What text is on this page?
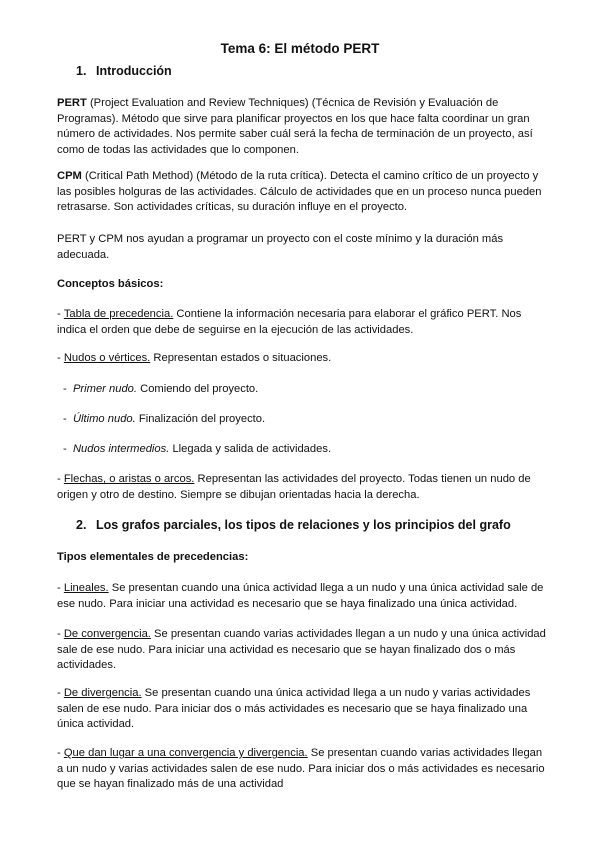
Tema 6: El método PERT
1. Introducción

PERT (Project Evaluation and Review Techniques) (Técnica de Revisión y Evaluación de Programas). Método que sirve para planificar proyectos en los que hace falta coordinar un gran número de actividades. Nos permite saber cuál será la fecha de terminación de un proyecto, así como de todas las actividades que lo componen.

CPM (Critical Path Method) (Método de la ruta crítica). Detecta el camino crítico de un proyecto y las posibles holguras de las actividades. Cálculo de actividades que en un proceso nunca pueden retrasarse. Son actividades críticas, su duración influye en el proyecto.

PERT y CPM nos ayudan a programar un proyecto con el coste mínimo y la duración más adecuada.

Conceptos básicos:

- Tabla de precedencia. Contiene la información necesaria para elaborar el gráfico PERT. Nos indica el orden que debe de seguirse en la ejecución de las actividades.

- Nudos o vértices. Representan estados o situaciones.

-  Primer nudo. Comiendo del proyecto.

-  Último nudo. Finalización del proyecto.

-  Nudos intermedios. Llegada y salida de actividades.

- Flechas, o aristas o arcos. Representan las actividades del proyecto. Todas tienen un nudo de origen y otro de destino. Siempre se dibujan orientadas hacia la derecha.

2. Los grafos parciales, los tipos de relaciones y los principios del grafo
Tipos elementales de precedencias:

- Lineales. Se presentan cuando una única actividad llega a un nudo y una única actividad sale de ese nudo. Para iniciar una actividad es necesario que se haya finalizado una única actividad.

- De convergencia. Se presentan cuando varias actividades llegan a un nudo y una única actividad sale de ese nudo. Para iniciar una actividad es necesario que se hayan finalizado dos o más actividades.

- De divergencia. Se presentan cuando una única actividad llega a un nudo y varias actividades salen de ese nudo. Para iniciar dos o más actividades es necesario que se haya finalizado una única actividad.

- Que dan lugar a una convergencia y divergencia. Se presentan cuando varias actividades llegan a un nudo y varias actividades salen de ese nudo. Para iniciar dos o más actividades es necesario que se hayan finalizado más de una actividad
